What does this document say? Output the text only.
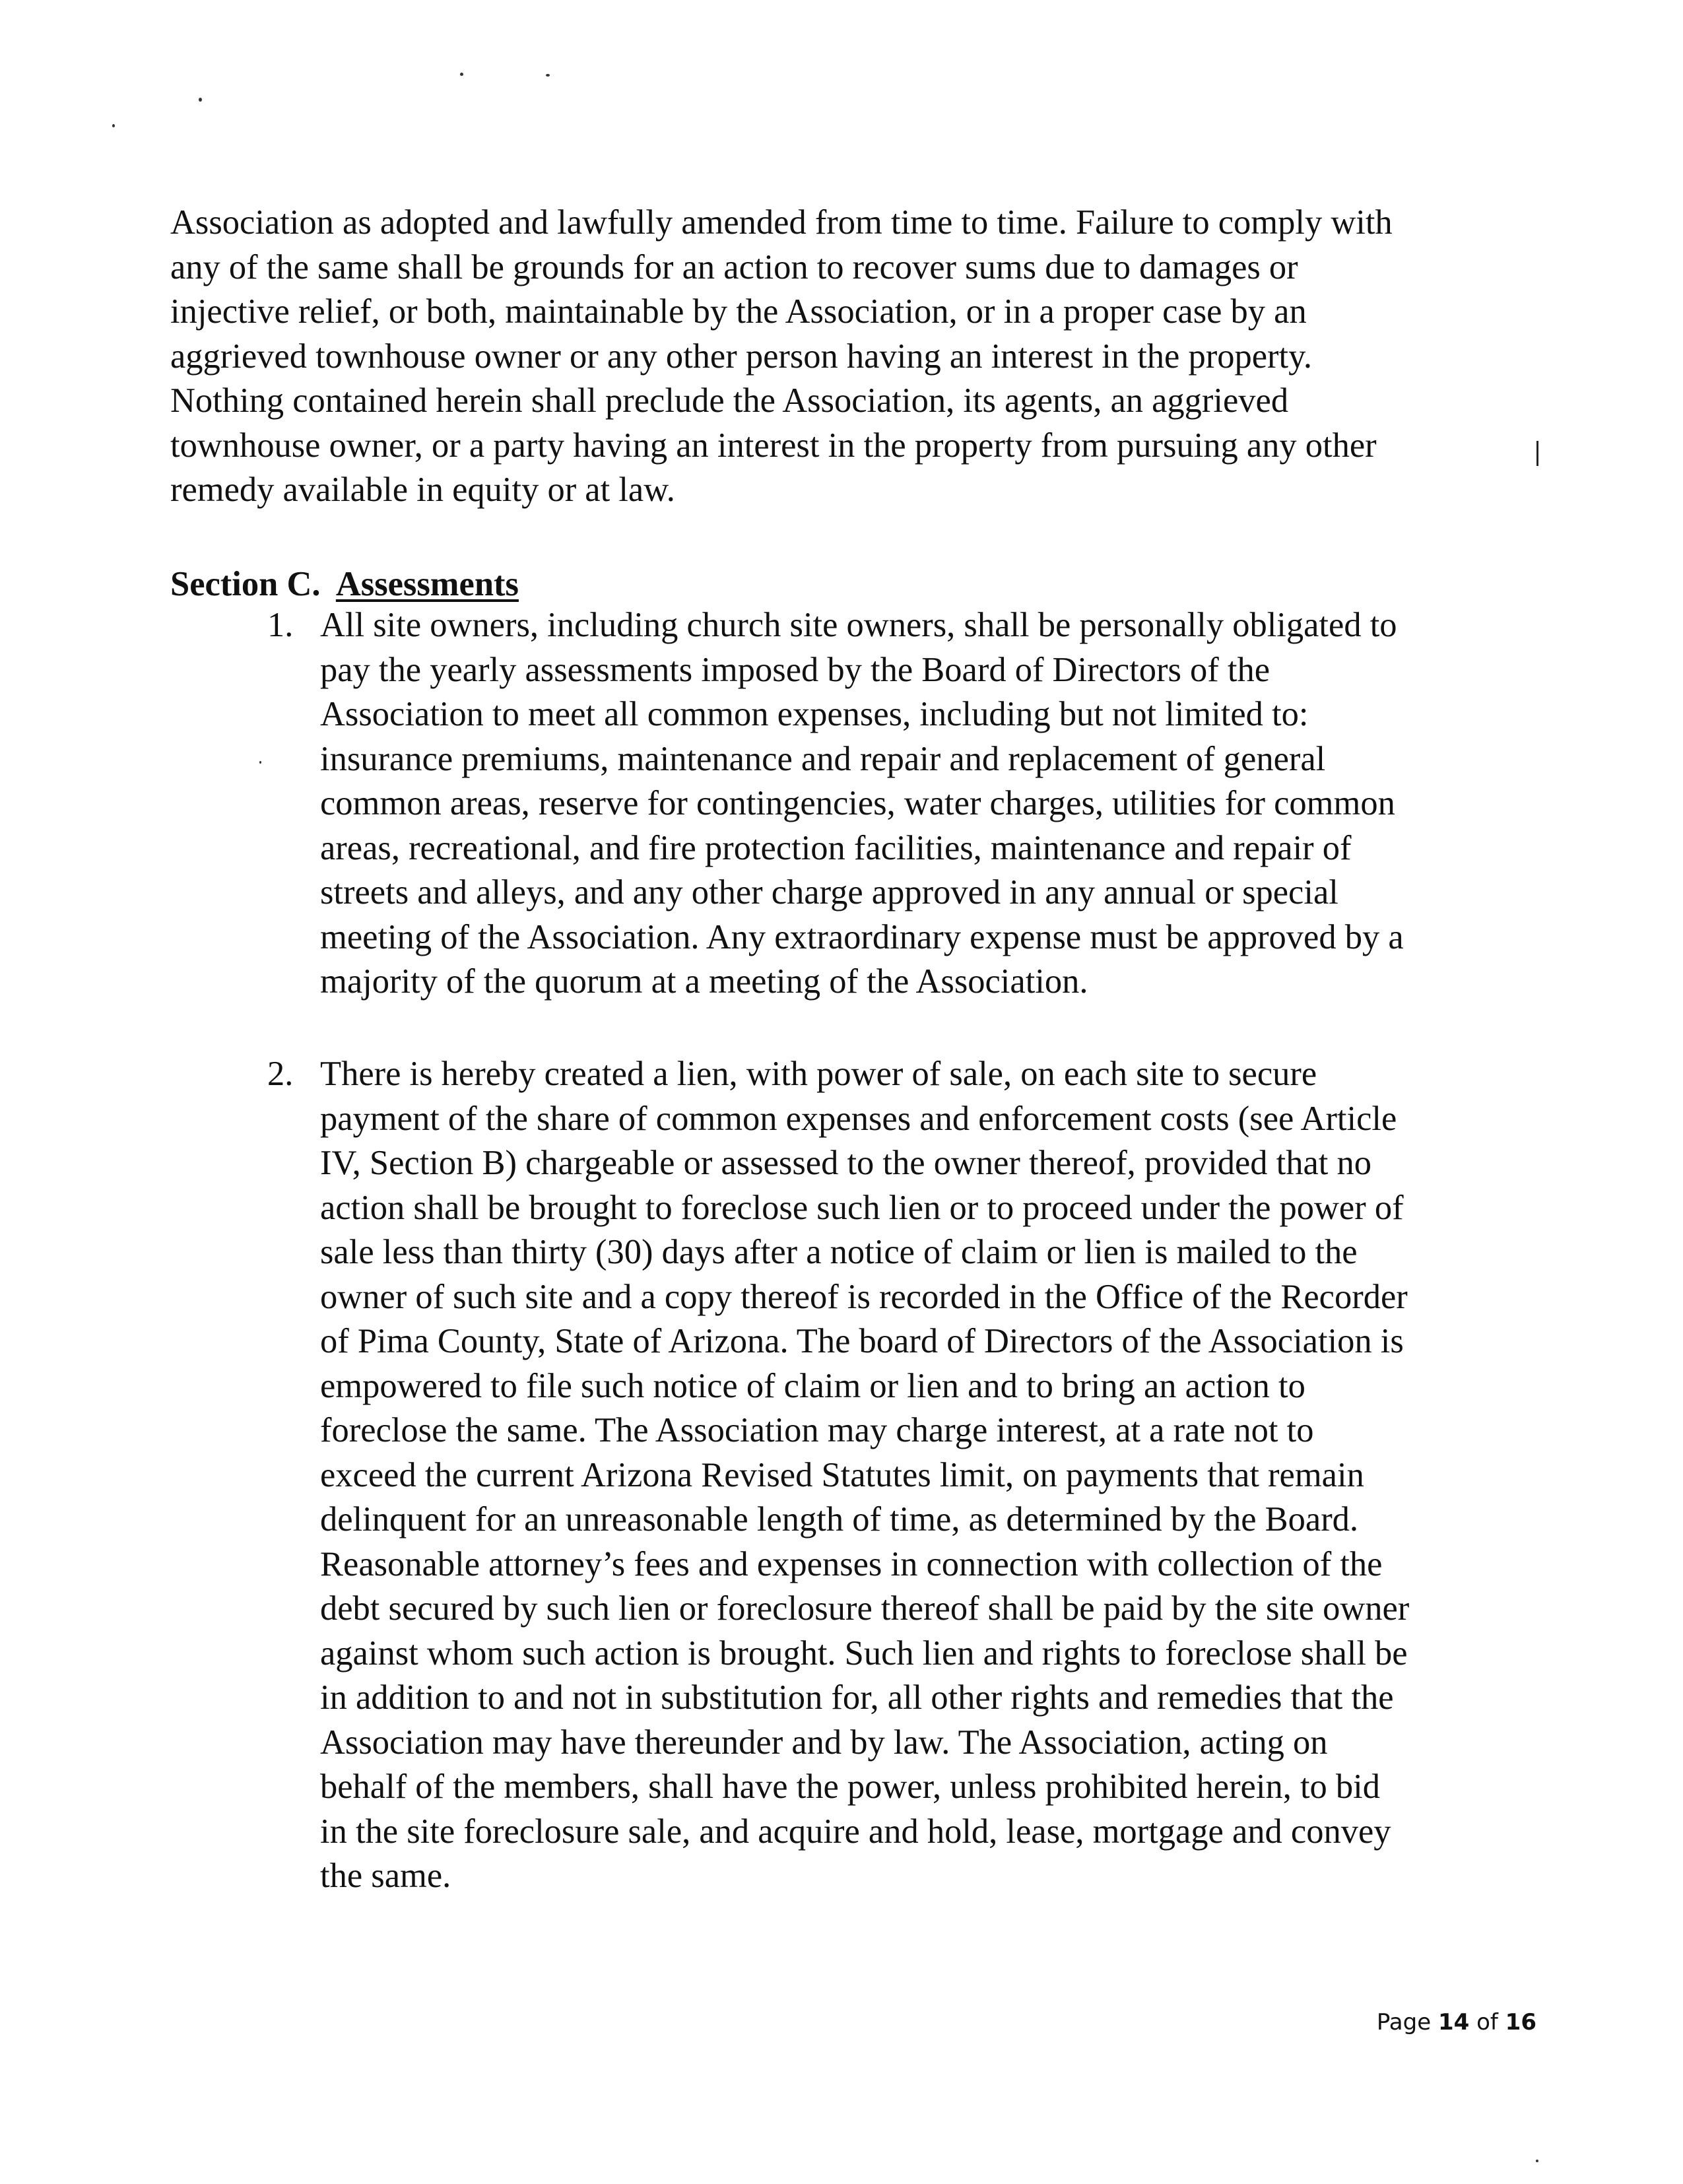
Association as adopted and lawfully amended from time to time. Failure to comply with
any of the same shall be grounds for an action to recover sums due to damages or
injective relief, or both, maintainable by the Association, or in a proper case by an
aggrieved townhouse owner or any other person having an interest in the property.
Nothing contained herein shall preclude the Association, its agents, an aggrieved
townhouse owner, or a party having an interest in the property from pursuing any other
remedy available in equity or at law.
Section C. Assessments
1. All site owners, including church site owners, shall be personally obligated to
pay the yearly assessments imposed by the Board of Directors of the
Association to meet all common expenses, including but not limited to:
insurance premiums, maintenance and repair and replacement of general
common areas, reserve for contingencies, water charges, utilities for common
areas, recreational, and fire protection facilities, maintenance and repair of
streets and alleys, and any other charge approved in any annual or special
meeting of the Association. Any extraordinary expense must be approved by a
majority of the quorum at a meeting of the Association.
2. There is hereby created a lien, with power of sale, on each site to secure
payment of the share of common expenses and enforcement costs (see Article
IV, Section B) chargeable or assessed to the owner thereof, provided that no
action shall be brought to foreclose such lien or to proceed under the power of
sale less than thirty (30) days after a notice of claim or lien is mailed to the
owner of such site and a copy thereof is recorded in the Office of the Recorder
of Pima County, State of Arizona. The board of Directors of the Association is
empowered to file such notice of claim or lien and to bring an action to
foreclose the same. The Association may charge interest, at a rate not to
exceed the current Arizona Revised Statutes limit, on payments that remain
delinquent for an unreasonable length of time, as determined by the Board.
Reasonable attorney’s fees and expenses in connection with collection of the
debt secured by such lien or foreclosure thereof shall be paid by the site owner
against whom such action is brought. Such lien and rights to foreclose shall be
in addition to and not in substitution for, all other rights and remedies that the
Association may have thereunder and by law. The Association, acting on
behalf of the members, shall have the power, unless prohibited herein, to bid
in the site foreclosure sale, and acquire and hold, lease, mortgage and convey
the same.
Page 14 of 16
